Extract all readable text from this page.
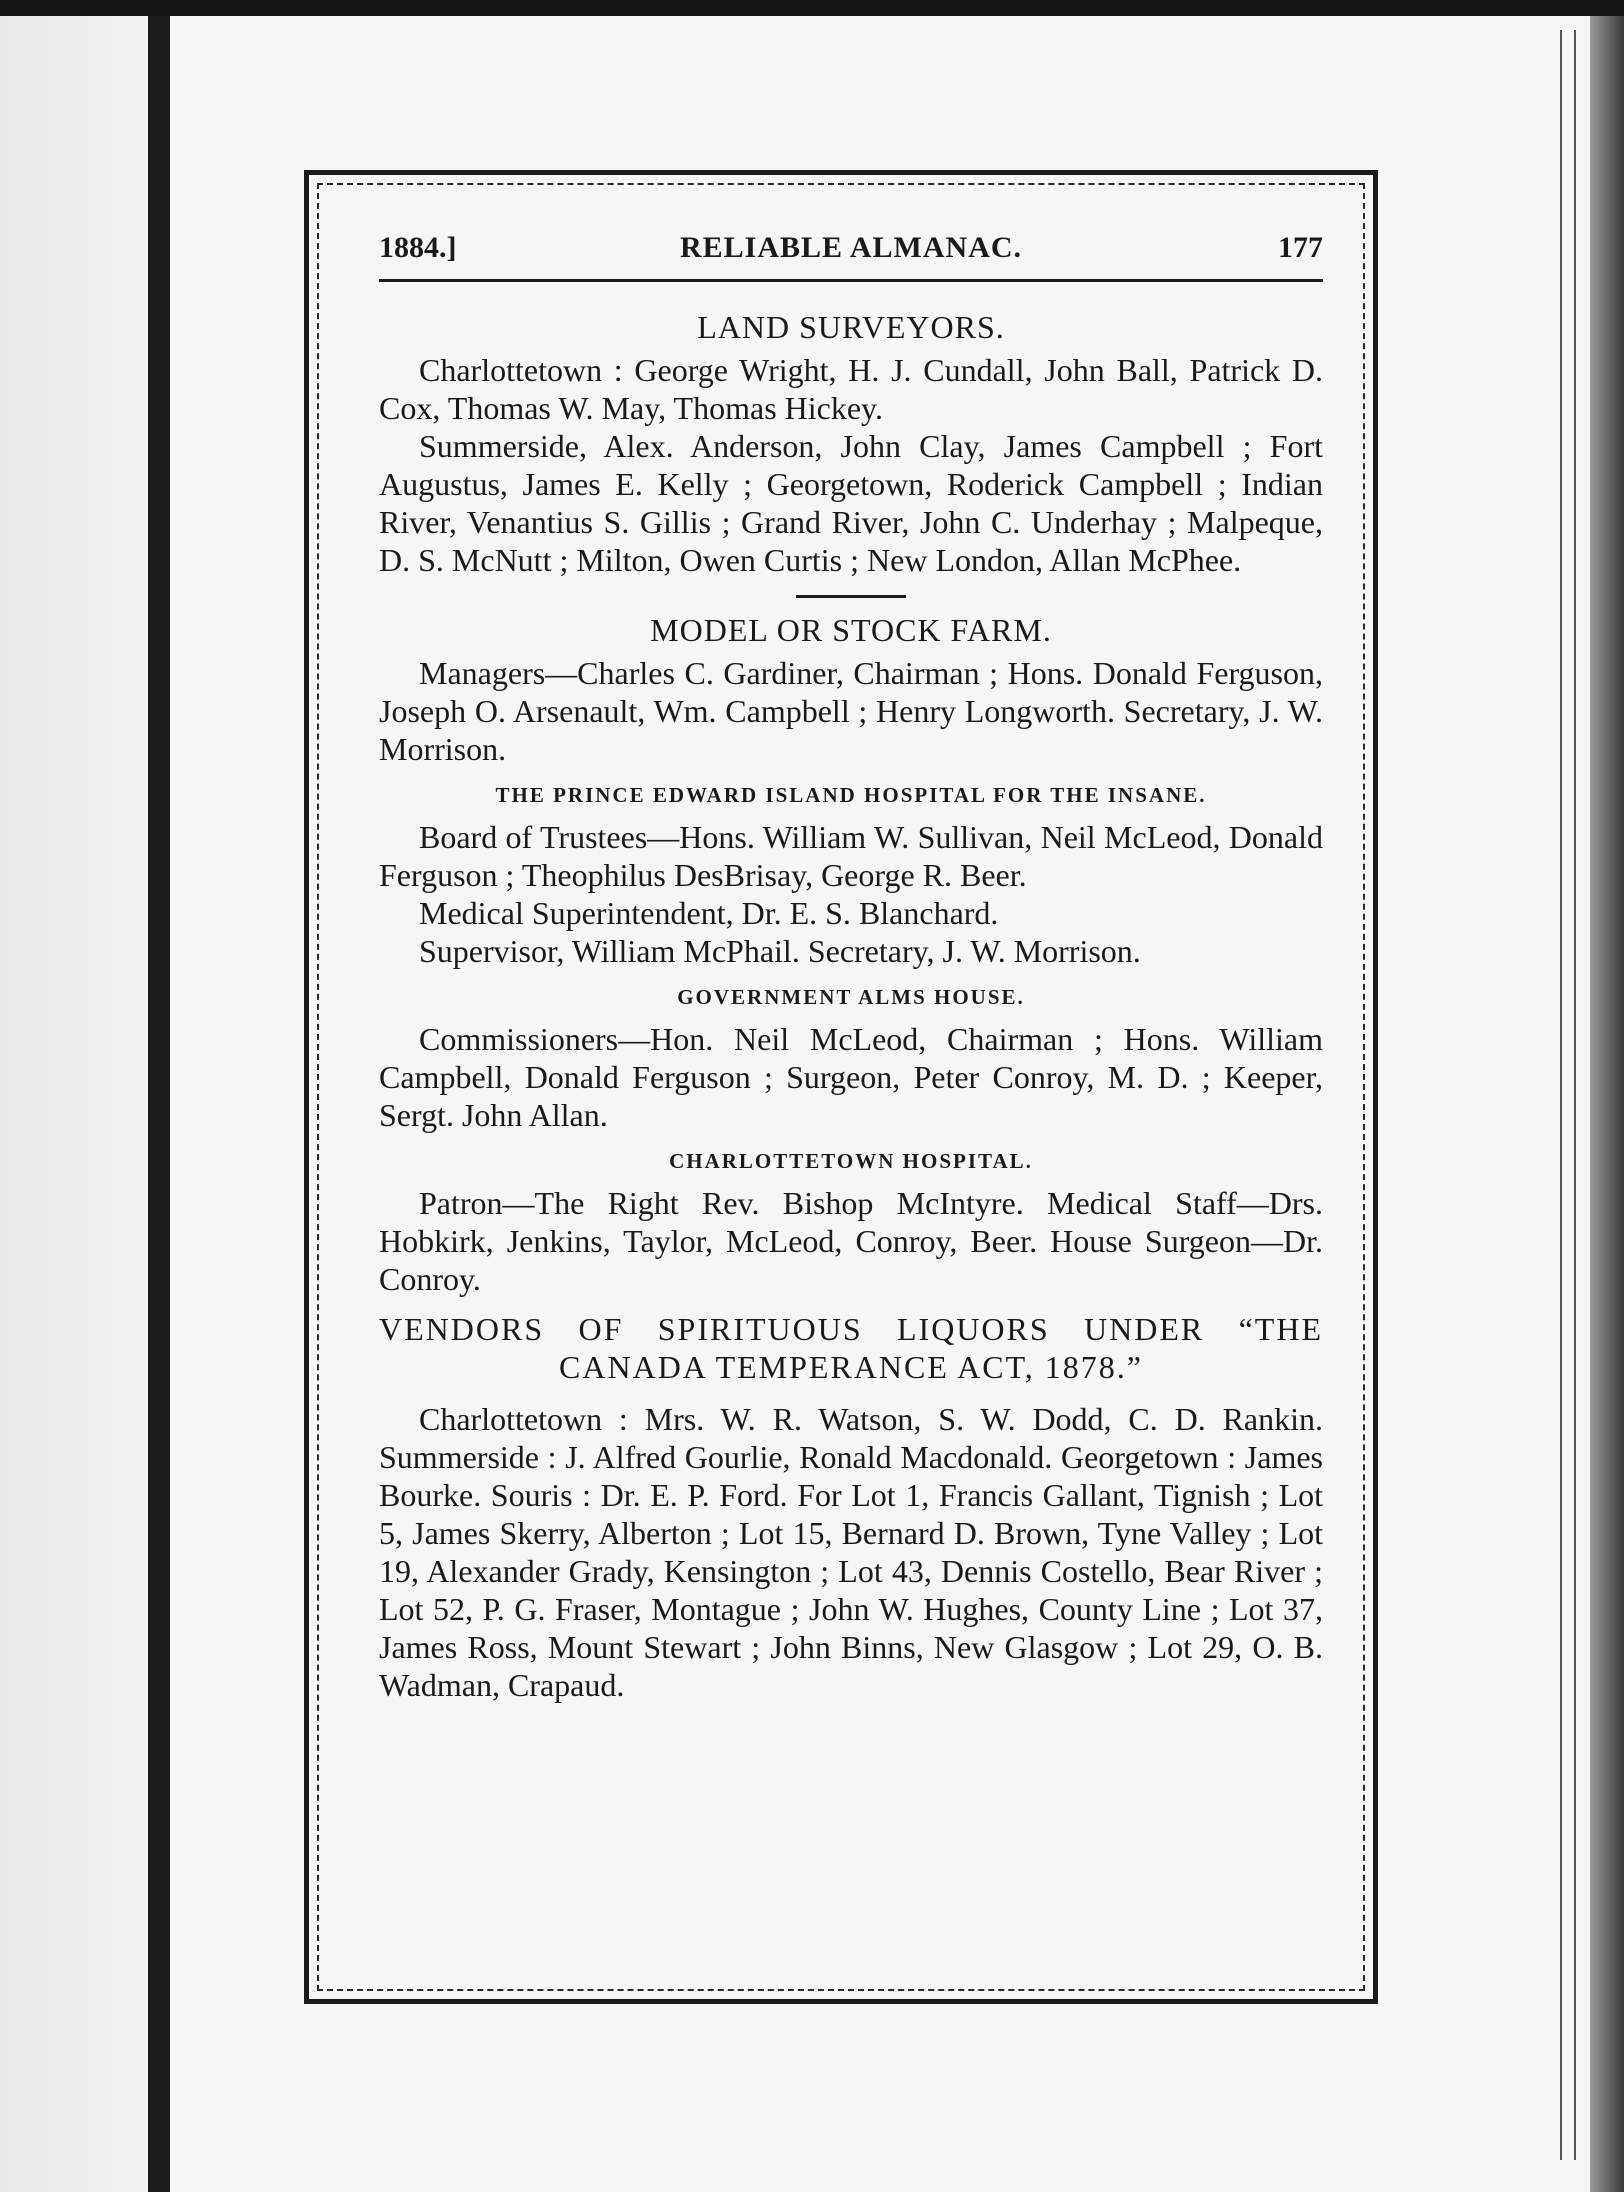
1884.]	RELIABLE ALMANAC.	177
LAND SURVEYORS.

Charlottetown : George Wright, H. J. Cundall, John Ball, Patrick D. Cox, Thomas W. May, Thomas Hickey.

Summerside, Alex. Anderson, John Clay, James Campbell ; Fort Augustus, James E. Kelly ; Georgetown, Roderick Campbell ; Indian River, Venantius S. Gillis ; Grand River, John C. Underhay ; Malpeque, D. S. McNutt ; Milton, Owen Curtis ; New London, Allan McPhee.

MODEL OR STOCK FARM.

Managers—Charles C. Gardiner, Chairman ; Hons. Donald Ferguson, Joseph O. Arsenault, Wm. Campbell ; Henry Longworth. Secretary, J. W. Morrison.

THE PRINCE EDWARD ISLAND HOSPITAL FOR THE INSANE.

Board of Trustees—Hons. William W. Sullivan, Neil McLeod, Donald Ferguson ; Theophilus DesBrisay, George R. Beer.

Medical Superintendent, Dr. E. S. Blanchard.

Supervisor, William McPhail. Secretary, J. W. Morrison.

GOVERNMENT ALMS HOUSE.

Commissioners—Hon. Neil McLeod, Chairman ; Hons. William Campbell, Donald Ferguson ; Surgeon, Peter Conroy, M. D. ; Keeper, Sergt. John Allan.

CHARLOTTETOWN HOSPITAL.

Patron—The Right Rev. Bishop McIntyre. Medical Staff—Drs. Hobkirk, Jenkins, Taylor, McLeod, Conroy, Beer. House Surgeon—Dr. Conroy.

VENDORS OF SPIRITUOUS LIQUORS UNDER “THE CANADA TEMPERANCE ACT, 1878.”

Charlottetown : Mrs. W. R. Watson, S. W. Dodd, C. D. Rankin. Summerside : J. Alfred Gourlie, Ronald Macdonald. Georgetown : James Bourke. Souris : Dr. E. P. Ford. For Lot 1, Francis Gallant, Tignish ; Lot 5, James Skerry, Alberton ; Lot 15, Bernard D. Brown, Tyne Valley ; Lot 19, Alexander Grady, Kensington ; Lot 43, Dennis Costello, Bear River ; Lot 52, P. G. Fraser, Montague ; John W. Hughes, County Line ; Lot 37, James Ross, Mount Stewart ; John Binns, New Glasgow ; Lot 29, O. B. Wadman, Crapaud.
